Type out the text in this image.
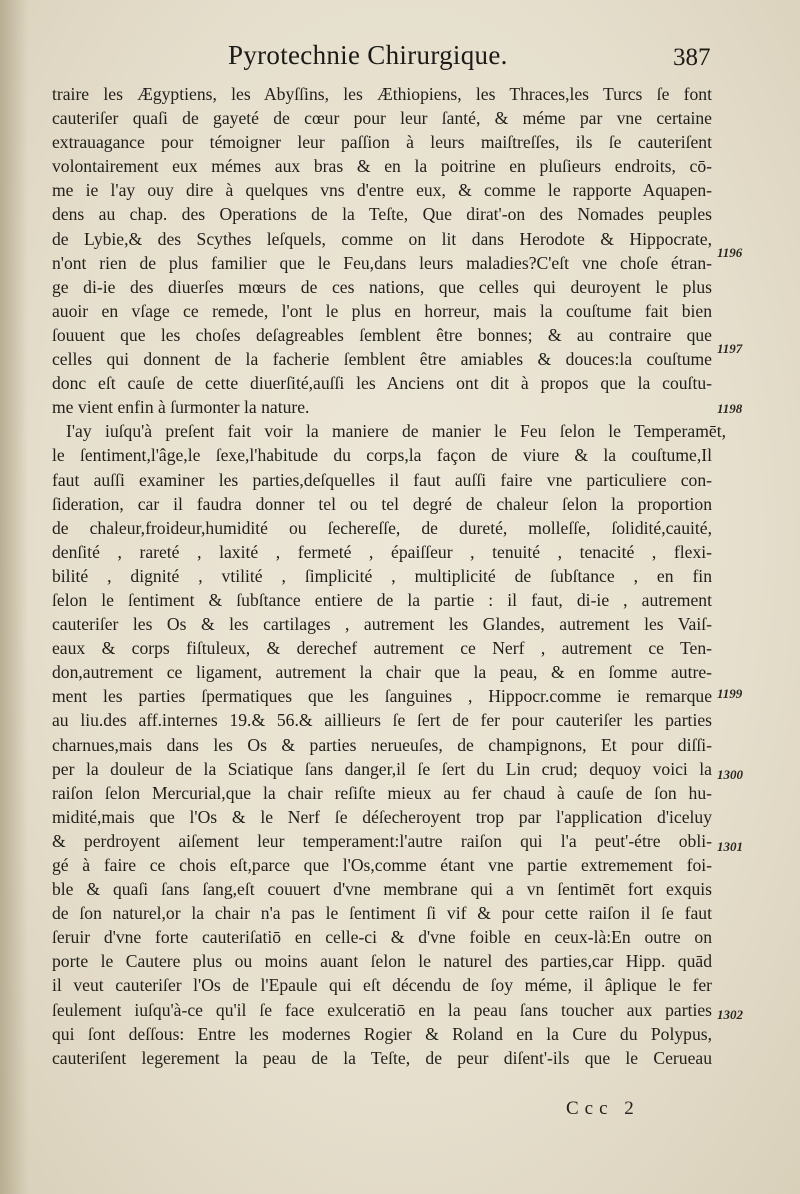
Pyrotechnie Chirurgique.	387
traire les Ægyptiens, les Abyſſins, les Æthiopiens, les Thraces,les Turcs ſe font
cauteriſer quaſi de gayeté de cœur pour leur ſanté, & méme par vne certaine
extrauagance pour témoigner leur paſſion à leurs maiſtreſſes, ils ſe cauteriſent
volontairement eux mémes aux bras & en la poitrine en pluſieurs endroits, cō-
me ie l'ay ouy dire à quelques vns d'entre eux, & comme le rapporte Aquapen-
dens au chap. des Operations de la Teſte, Que dirat'-on des Nomades peuples
de Lybie,& des Scythes leſquels, comme on lit dans Herodote & Hippocrate,
n'ont rien de plus familier que le Feu,dans leurs maladies?C'eſt vne choſe étran-
ge di-ie des diuerſes mœurs de ces nations, que celles qui deuroyent le plus
auoir en vſage ce remede, l'ont le plus en horreur, mais la couſtume fait bien
ſouuent que les choſes deſagreables ſemblent être bonnes; & au contraire que
celles qui donnent de la facherie ſemblent être amiables & douces:la couſtume
donc eſt cauſe de cette diuerſité,auſſi les Anciens ont dit à propos que la couſtu-
me vient enfin à ſurmonter la nature.
I'ay iuſqu'à preſent fait voir la maniere de manier le Feu ſelon le Temperamēt,
le ſentiment,l'âge,le ſexe,l'habitude du corps,la façon de viure & la couſtume,Il
faut auſſi examiner les parties,deſquelles il faut auſſi faire vne particuliere con-
ſideration, car il faudra donner tel ou tel degré de chaleur ſelon la proportion
de chaleur,froideur,humidité ou ſechereſſe, de dureté, molleſſe, ſolidité,cauité,
denſité , rareté , laxité , fermeté , épaiſſeur , tenuité , tenacité , flexi-
bilité , dignité , vtilité , ſimplicité , multiplicité de ſubſtance , en fin
ſelon le ſentiment & ſubſtance entiere de la partie : il faut, di-ie , autrement
cauteriſer les Os & les cartilages , autrement les Glandes, autrement les Vaiſ-
eaux & corps fiſtuleux, & derechef autrement ce Nerf , autrement ce Ten-
don,autrement ce ligament, autrement la chair que la peau, & en ſomme autre-
ment les parties ſpermatiques que les ſanguines , Hippocr.comme ie remarque
au liu.des aff.internes 19.& 56.& aillieurs ſe ſert de fer pour cauteriſer les parties
charnues,mais dans les Os & parties nerueuſes, de champignons, Et pour diſſi-
per la douleur de la Sciatique ſans danger,il ſe ſert du Lin crud; dequoy voici la
raiſon ſelon Mercurial,que la chair reſiſte mieux au fer chaud à cauſe de ſon hu-
midité,mais que l'Os & le Nerf ſe déſecheroyent trop par l'application d'iceluy
& perdroyent aiſement leur temperament:l'autre raiſon qui l'a peut'-étre obli-
gé à faire ce chois eſt,parce que l'Os,comme étant vne partie extremement foi-
ble & quaſi ſans ſang,eſt couuert d'vne membrane qui a vn ſentimēt fort exquis
de ſon naturel,or la chair n'a pas le ſentiment ſi vif & pour cette raiſon il ſe faut
ſeruir d'vne forte cauteriſatiō en celle-ci & d'vne foible en ceux-là:En outre on
porte le Cautere plus ou moins auant ſelon le naturel des parties,car Hipp. quād
il veut cauteriſer l'Os de l'Epaule qui eſt décendu de ſoy méme, il âplique le fer
ſeulement iuſqu'à-ce qu'il ſe face exulceratiō en la peau ſans toucher aux parties
qui ſont deſſous: Entre les modernes Rogier & Roland en la Cure du Polypus,
cauteriſent legerement la peau de la Teſte, de peur diſent'-ils que le Cerueau
1196
1197
1198
1199
1300
1301
1302
Ccc 2
